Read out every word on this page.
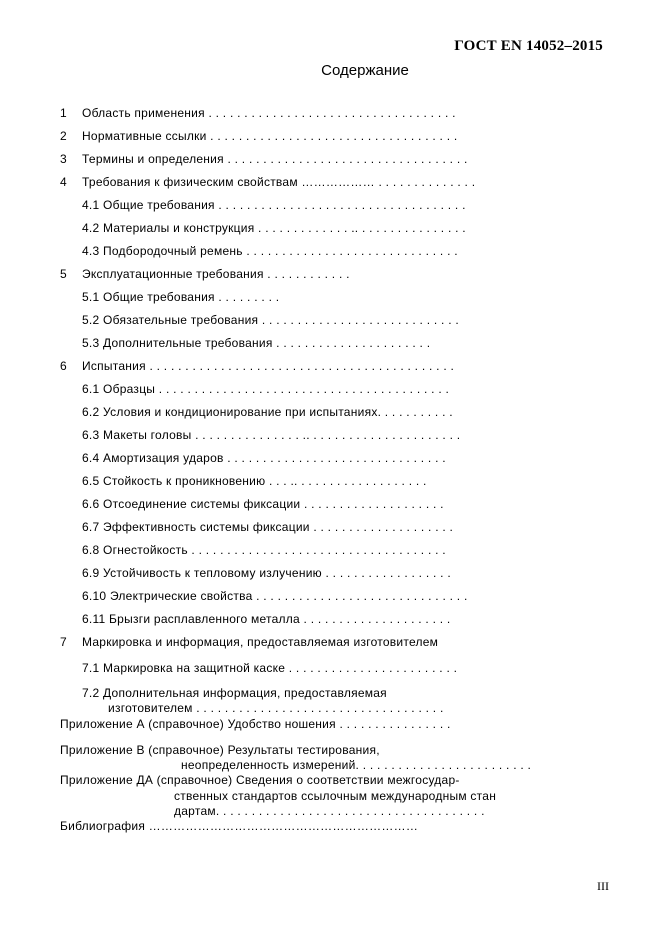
ГОСТ EN 14052–2015
Содержание
1 Область применения . . . . . . . . . . . . . . . . . . . . . . . . . . . . . . . . . . .
2 Нормативные ссылки . . . . . . . . . . . . . . . . . . . . . . . . . . . . . . . . . . .
3 Термины и определения . . . . . . . . . . . . . . . . . . . . . . . . . . . . . . . . . .
4 Требования к физическим свойствам ……………… . . . . . . . . . . . . . .
4.1 Общие требования . . . . . . . . . . . . . . . . . . . . . . . . . . . . . . . . . . .
4.2 Материалы и конструкция . . . . . . . . . . . . . .. . . . . . . . . . . . . . . .
4.3 Подбородочный ремень . . . . . . . . . . . . . . . . . . . . . . . . . . . . . .
5 Эксплуатационные требования . . . . . . . . . . . .
5.1 Общие требования . . . . . . . . .
5.2 Обязательные требования . . . . . . . . . . . . . . . . . . . . . . . . . . . .
5.3 Дополнительные требования . . . . . . . . . . . . . . . . . . . . . .
6 Испытания . . . . . . . . . . . . . . . . . . . . . . . . . . . . . . . . . . . . . . . . . . .
6.1 Образцы . . . . . . . . . . . . . . . . . . . . . . . . . . . . . . . . . . . . . . . . .
6.2 Условия и кондиционирование при испытаниях. . . . . . . . . . .
6.3 Макеты головы . . . . . . . . . . . . . . . .. . . . . . . . . . . . . . . . . . . . . .
6.4 Амортизация ударов . . . . . . . . . . . . . . . . . . . . . . . . . . . . . . .
6.5 Стойкость к проникновению . . . .. . . . . . . . . . . . . . . . . . .
6.6 Отсоединение системы фиксации . . . . . . . . . . . . . . . . . . . .
6.7 Эффективность системы фиксации . . . . . . . . . . . . . . . . . . . .
6.8 Огнестойкость . . . . . . . . . . . . . . . . . . . . . . . . . . . . . . . . . . . .
6.9 Устойчивость к тепловому излучению . . . . . . . . . . . . . . . . . .
6.10 Электрические свойства . . . . . . . . . . . . . . . . . . . . . . . . . . . . . .
6.11 Брызги расплавленного металла . . . . . . . . . . . . . . . . . . . . .
7 Маркировка и информация, предоставляемая изготовителем
7.1 Маркировка на защитной каске . . . . . . . . . . . . . . . . . . . . . . . .
7.2 Дополнительная информация, предоставляемая
изготовителем . . . . . . . . . . . . . . . . . . . . . . . . . . . . . . . . . . .
Приложение А (справочное) Удобство ношения . . . . . . . . . . . . . . . .
Приложение В (справочное) Результаты тестирования,
неопределенность измерений. . . . . . . . . . . . . . . . . . . . . . . . .
Приложение ДА (справочное) Сведения о соответствии межгосудар-
ственных стандартов ссылочным международным стан
дартам. . . . . . . . . . . . . . . . . . . . . . . . . . . . . . . . . . . . . .
Библиография …………………………………………………………
III
